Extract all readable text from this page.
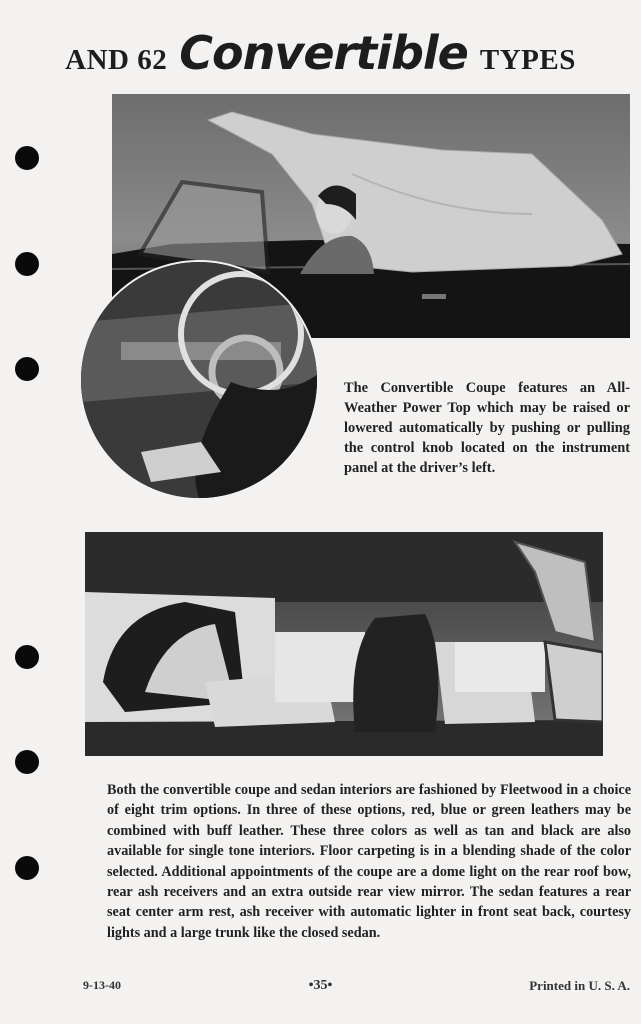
AND 62 Convertible TYPES
The Convertible Coupe features an All-Weather Power Top which may be raised or lowered automatically by pushing or pulling the control knob located on the instrument panel at the driver’s left.
Both the convertible coupe and sedan interiors are fashioned by Fleetwood in a choice of eight trim options. In three of these options, red, blue or green leathers may be combined with buff leather. These three colors as well as tan and black are also available for single tone interiors. Floor carpeting is in a blending shade of the color selected. Additional appointments of the coupe are a dome light on the rear roof bow, rear ash receivers and an extra outside rear view mirror. The sedan features a rear seat center arm rest, ash receiver with automatic lighter in front seat back, courtesy lights and a large trunk like the closed sedan.
9-13-40	•35•	Printed in U. S. A.
